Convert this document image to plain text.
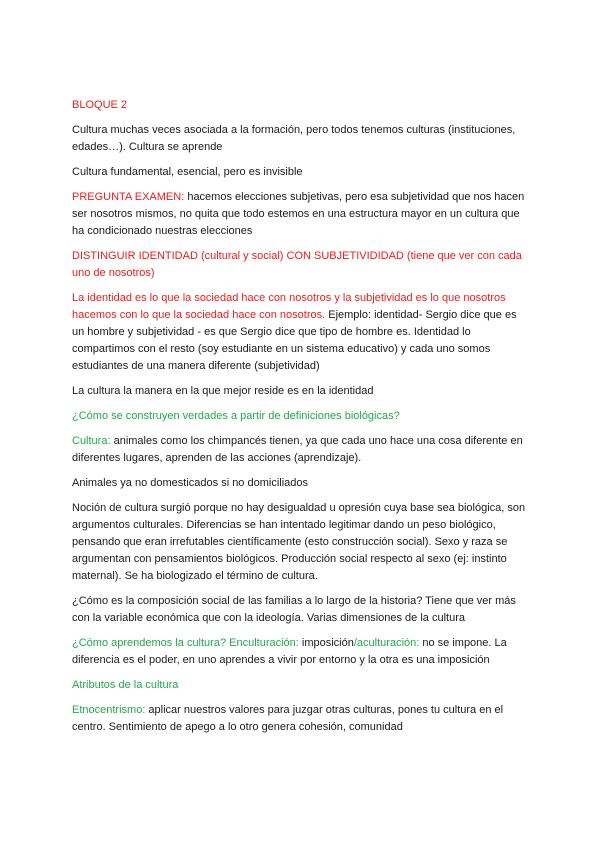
BLOQUE 2

Cultura muchas veces asociada a la formación, pero todos tenemos culturas (instituciones, edades…). Cultura se aprende

Cultura fundamental, esencial, pero es invisible

PREGUNTA EXAMEN: hacemos elecciones subjetivas, pero esa subjetividad que nos hacen ser nosotros mismos, no quita que todo estemos en una estructura mayor en un cultura que ha condicionado nuestras elecciones

DISTINGUIR IDENTIDAD (cultural y social) CON SUBJETIVIDIDAD (tiene que ver con cada uno de nosotros)

La identidad es lo que la sociedad hace con nosotros y la subjetividad es lo que nosotros hacemos con lo que la sociedad hace con nosotros. Ejemplo: identidad- Sergio dice que es un hombre y subjetividad - es que Sergio dice que tipo de hombre es. Identidad lo compartimos con el resto (soy estudiante en un sistema educativo) y cada uno somos estudiantes de una manera diferente (subjetividad)

La cultura la manera en la que mejor reside es en la identidad

¿Cómo se construyen verdades a partir de definiciones biológicas?

Cultura: animales como los chimpancés tienen, ya que cada uno hace una cosa diferente en diferentes lugares, aprenden de las acciones (aprendizaje).

Animales ya no domesticados si no domiciliados

Noción de cultura surgió porque no hay desigualdad u opresión cuya base sea biológica, son argumentos culturales. Diferencias se han intentado legitimar dando un peso biológico, pensando que eran irrefutables científicamente (esto construcción social). Sexo y raza se argumentan con pensamientos biológicos. Producción social respecto al sexo (ej: instinto maternal). Se ha biologizado el término de cultura.

¿Cómo es la composición social de las familias a lo largo de la historia? Tiene que ver más con la variable económica que con la ideología. Varias dimensiones de la cultura

¿Cómo aprendemos la cultura? Enculturación: imposición/aculturación: no se impone. La diferencia es el poder, en uno aprendes a vivir por entorno y la otra es una imposición

Atributos de la cultura

Etnocentrismo: aplicar nuestros valores para juzgar otras culturas, pones tu cultura en el centro. Sentimiento de apego a lo otro genera cohesión, comunidad
